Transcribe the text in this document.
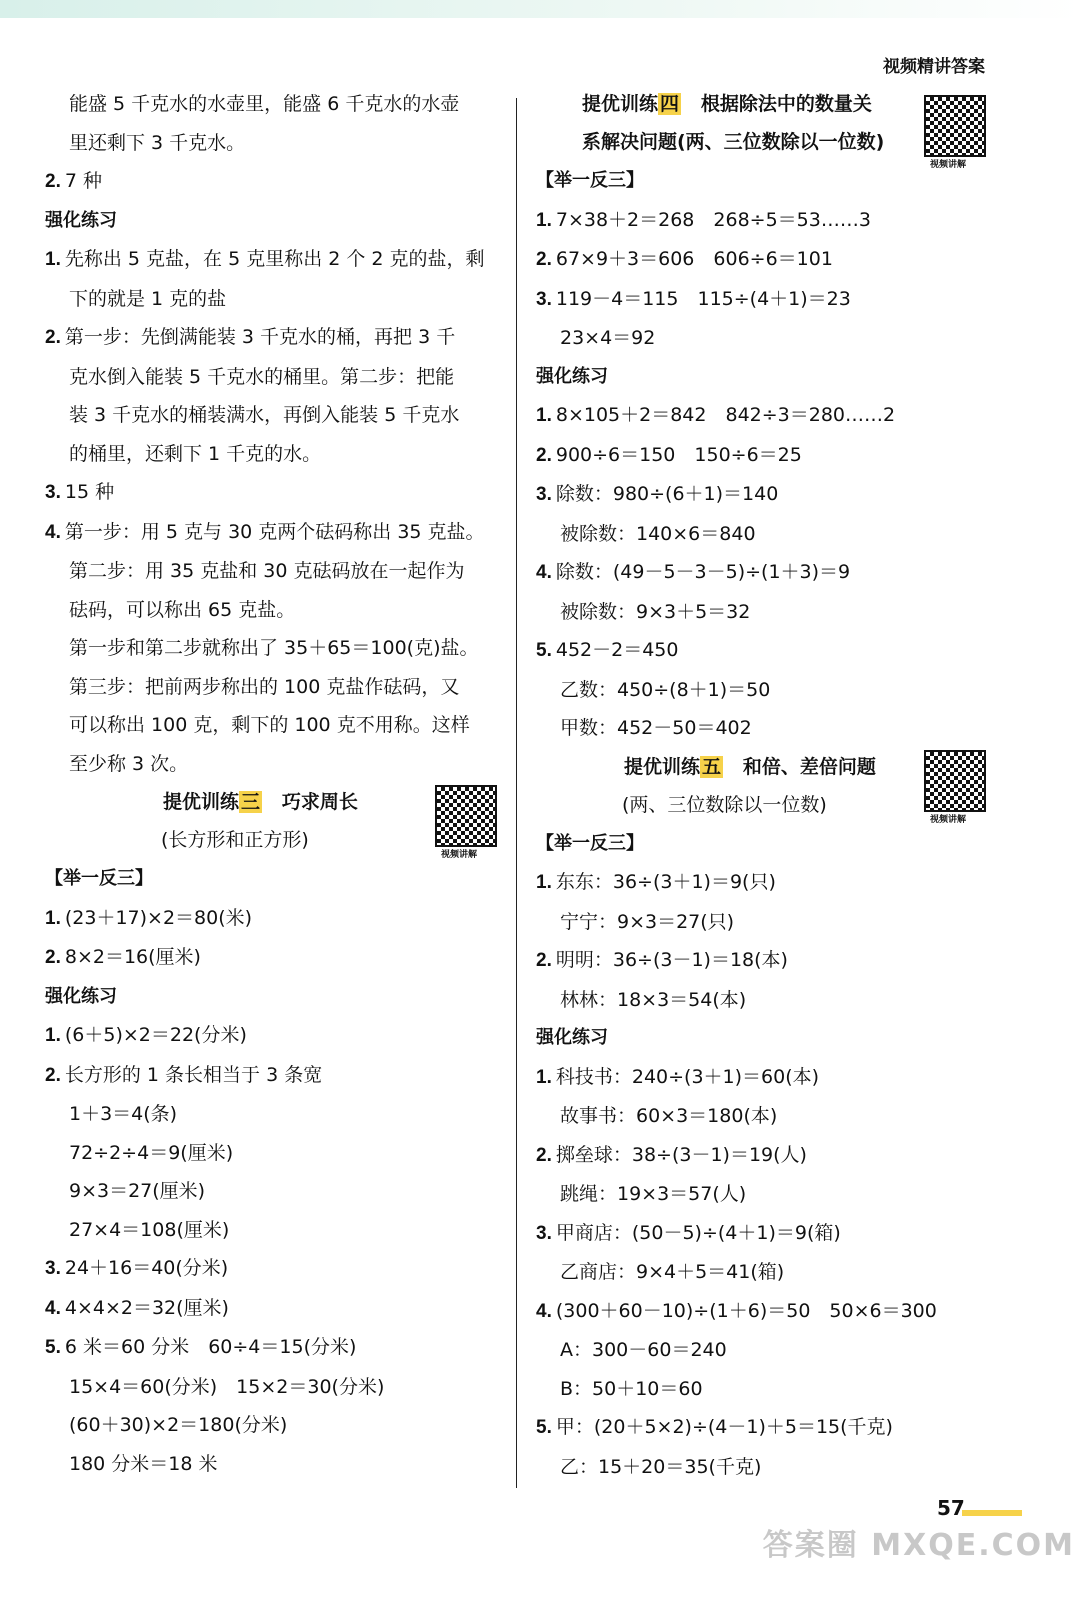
视频精讲答案
能盛 5 千克水的水壶里，能盛 6 千克水的水壶
里还剩下 3 千克水。
2. 7 种
强化练习
1. 先称出 5 克盐，在 5 克里称出 2 个 2 克的盐，剩
下的就是 1 克的盐
2. 第一步：先倒满能装 3 千克水的桶，再把 3 千
克水倒入能装 5 千克水的桶里。第二步：把能
装 3 千克水的桶装满水，再倒入能装 5 千克水
的桶里，还剩下 1 千克的水。
3. 15 种
4. 第一步：用 5 克与 30 克两个砝码称出 35 克盐。
第二步：用 35 克盐和 30 克砝码放在一起作为
砝码，可以称出 65 克盐。
第一步和第二步就称出了 35＋65＝100(克)盐。
第三步：把前两步称出的 100 克盐作砝码，又
可以称出 100 克，剩下的 100 克不用称。这样
至少称 3 次。
提优训练 三 巧求周长
(长方形和正方形)
视频讲解
【举一反三】
1. (23＋17)×2＝80(米)
2. 8×2＝16(厘米)
强化练习
1. (6＋5)×2＝22(分米)
2. 长方形的 1 条长相当于 3 条宽
1＋3＝4(条)
72÷2÷4＝9(厘米)
9×3＝27(厘米)
27×4＝108(厘米)
3. 24＋16＝40(分米)
4. 4×4×2＝32(厘米)
5. 6 米＝60 分米　60÷4＝15(分米)
15×4＝60(分米)　15×2＝30(分米)
(60＋30)×2＝180(分米)
180 分米＝18 米
提优训练 四 根据除法中的数量关
系解决问题(两、三位数除以一位数)
视频讲解
【举一反三】
1. 7×38＋2＝268　268÷5＝53……3
2. 67×9＋3＝606　606÷6＝101
3. 119－4＝115　115÷(4＋1)＝23
23×4＝92
强化练习
1. 8×105＋2＝842　842÷3＝280……2
2. 900÷6＝150　150÷6＝25
3. 除数：980÷(6＋1)＝140
被除数：140×6＝840
4. 除数：(49－5－3－5)÷(1＋3)＝9
被除数：9×3＋5＝32
5. 452－2＝450
乙数：450÷(8＋1)＝50
甲数：452－50＝402
提优训练 五 和倍、差倍问题
(两、三位数除以一位数)
视频讲解
【举一反三】
1. 东东：36÷(3＋1)＝9(只)
宁宁：9×3＝27(只)
2. 明明：36÷(3－1)＝18(本)
林林：18×3＝54(本)
强化练习
1. 科技书：240÷(3＋1)＝60(本)
故事书：60×3＝180(本)
2. 掷垒球：38÷(3－1)＝19(人)
跳绳：19×3＝57(人)
3. 甲商店：(50－5)÷(4＋1)＝9(箱)
乙商店：9×4＋5＝41(箱)
4. (300＋60－10)÷(1＋6)＝50　50×6＝300
A：300－60＝240
B：50＋10＝60
5. 甲：(20＋5×2)÷(4－1)＋5＝15(千克)
乙：15＋20＝35(千克)
57
答案圈 MXQE.COM
